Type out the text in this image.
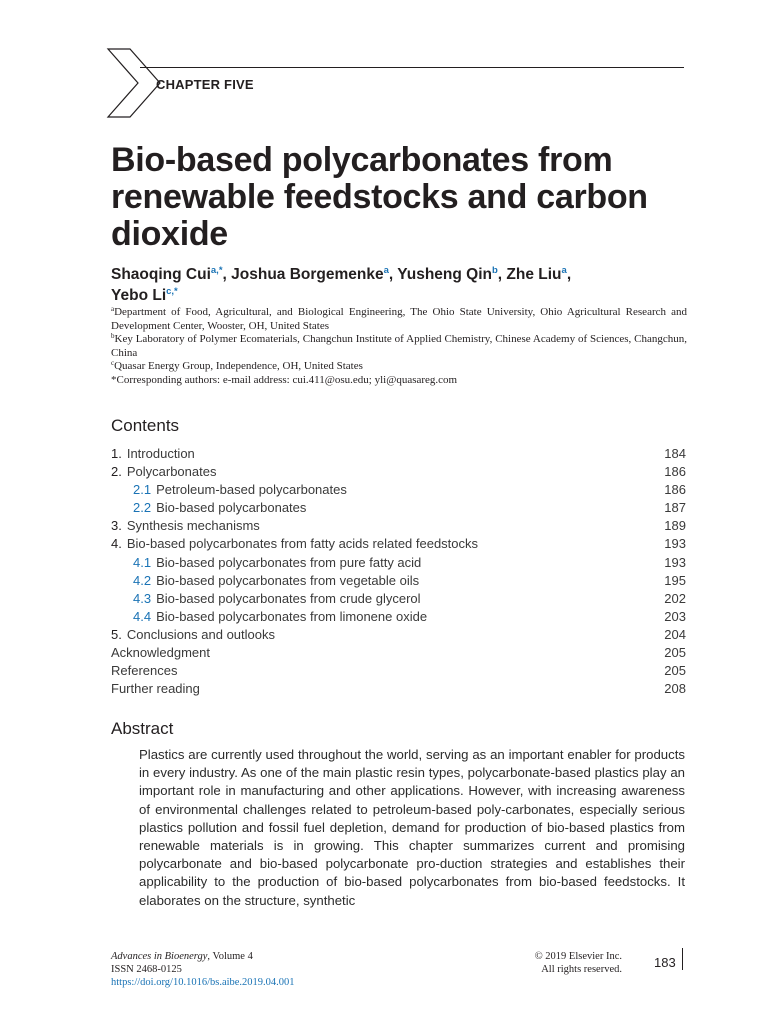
CHAPTER FIVE
Bio-based polycarbonates from renewable feedstocks and carbon dioxide
Shaoqing Cui$^{a,*}$, Joshua Borgemenke$^a$, Yusheng Qin$^b$, Zhe Liu$^a$,
Yebo $Li^{c,*}$
$^a$Department of Food, Agricultural, and Biological Engineering, The Ohio State University, Ohio Agricultural Research and Development Center, Wooster, OH, United States
$^b$Key Laboratory of Polymer Ecomaterials, Changchun Institute of Applied Chemistry, Chinese Academy of Sciences, Changchun, China
$^c$Quasar Energy Group, Independence, OH, United States
*Corresponding authors: e-mail address: cui.411@osu.edu; yli@quasareg.com
Contents
1. Introduction	184
2. Polycarbonates	186
2.1 Petroleum-based polycarbonates	186
2.2 Bio-based polycarbonates	187
3. Synthesis mechanisms	189
4. Bio-based polycarbonates from fatty acids related feedstocks	193
4.1 Bio-based polycarbonates from pure fatty acid	193
4.2 Bio-based polycarbonates from vegetable oils	195
4.3 Bio-based polycarbonates from crude glycerol	202
4.4 Bio-based polycarbonates from limonene oxide	203
5. Conclusions and outlooks	204
Acknowledgment	205
References	205
Further reading	208
Abstract
Plastics are currently used throughout the world, serving as an important enabler for products in every industry. As one of the main plastic resin types, polycarbonate-based plastics play an important role in manufacturing and other applications. However, with increasing awareness of environmental challenges related to petroleum-based poly-carbonates, especially serious plastics pollution and fossil fuel depletion, demand for production of bio-based plastics from renewable materials is in growing. This chapter summarizes current and promising polycarbonate and bio-based polycarbonate pro-duction strategies and establishes their applicability to the production of bio-based polycarbonates from bio-based feedstocks. It elaborates on the structure, synthetic
Advances in Bioenergy, Volume 4
ISSN 2468-0125
https://doi.org/10.1016/bs.aibe.2019.04.001
© 2019 Elsevier Inc.
All rights reserved. 183
